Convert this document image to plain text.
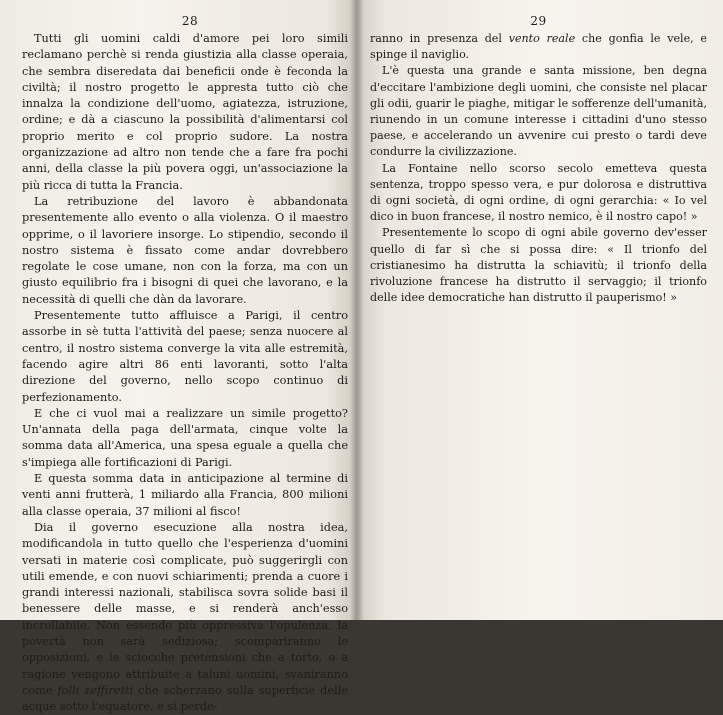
28

Tutti gli uomini caldi d'amore pei loro simili reclamano perchè si renda giustizia alla classe operaia, che sembra diseredata dai beneficii onde è feconda la civiltà; il nostro progetto le appresta tutto ciò che innalza la condizione dell'uomo, agiatezza, istruzione, ordine; e dà a ciascuno la possibilità d'alimentarsi col proprio merito e col proprio sudore. La nostra organizzazione ad altro non tende che a fare fra pochi anni, della classe la più povera oggi, un'associazione la più ricca di tutta la Francia.

La retribuzione del lavoro è abbandonata presentemente allo evento o alla violenza. O il maestro opprime, o il lavoriere insorge. Lo stipendio, secondo il nostro sistema è fissato come andar dovrebbero regolate le cose umane, non con la forza, ma con un giusto equilibrio fra i bisogni di quei che lavorano, e la necessità di quelli che dàn da lavorare.

Presentemente tutto affluisce a Parigi, il centro assorbe in sè tutta l'attività del paese; senza nuocere al centro, il nostro sistema converge la vita alle estremità, facendo agire altri 86 enti lavoranti, sotto l'alta direzione del governo, nello scopo continuo di perfezionamento.

E che ci vuol mai a realizzare un simile progetto? Un'annata della paga dell'armata, cinque volte la somma data all'America, una spesa eguale a quella che s'impiega alle fortificazioni di Parigi.

E questa somma data in anticipazione al termine di venti anni frutterà, 1 miliardo alla Francia, 800 milioni alla classe operaia, 37 milioni al fisco!

Dia il governo esecuzione alla nostra idea, modificandola in tutto quello che l'esperienza d'uomini versati in materie così complicate, può suggerirgli con utili emende, e con nuovi schiarimenti; prenda a cuore i grandi interessi nazionali, stabilisca sovra solide basi il benessere delle masse, e si renderà anch'esso incrollabile. Non essendo più oppressiva l'opulenza, la povertà non sarà sediziosa; scompariranno le opposizioni, e le sciocche pretensioni che a torto, o a ragione vengono attribuite a taluni uomini, svaniranno come folli zeffiretti che scherzano sulla superficie delle acque sotto l'equatore, e si perde-

29

ranno in presenza del vento reale che gonfia le vele, e spinge il naviglio.

L'è questa una grande e santa missione, ben degna d'eccitare l'ambizione degli uomini, che consiste nel placar gli odii, guarir le piaghe, mitigar le sofferenze dell'umanità, riunendo in un comune interesse i cittadini d'uno stesso paese, e accelerando un avvenire cui presto o tardi deve condurre la civilizzazione.

La Fontaine nello scorso secolo emetteva questa sentenza, troppo spesso vera, e pur dolorosa e distruttiva di ogni società, di ogni ordine, di ogni gerarchia: « Io vel dico in buon francese, il nostro nemico, è il nostro capo! »

Presentemente lo scopo di ogni abile governo dev'esser quello di far sì che si possa dire: « Il trionfo del cristianesimo ha distrutta la schiavitù; il trionfo della rivoluzione francese ha distrutto il servaggio; il trionfo delle idee democratiche han distrutto il pauperismo! »
